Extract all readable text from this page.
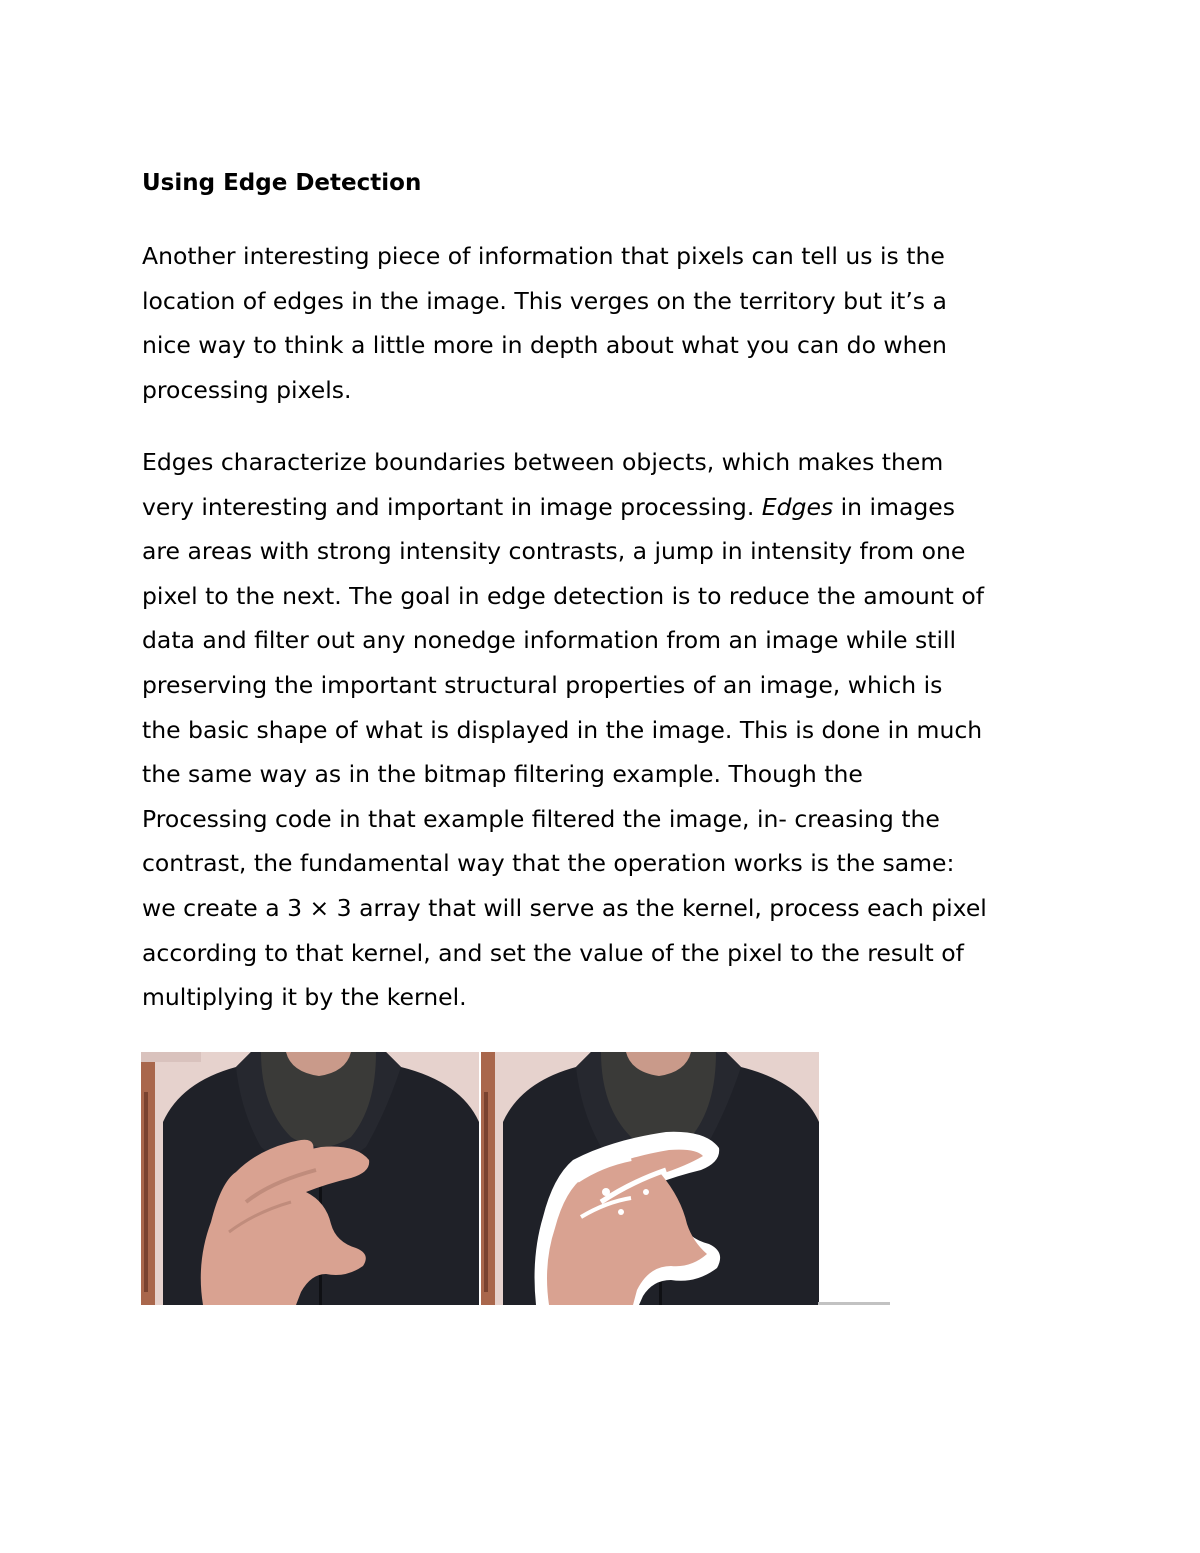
Using Edge Detection

Another interesting piece of information that pixels can tell us is the
location of edges in the image. This verges on the territory but it’s a
nice way to think a little more in depth about what you can do when
processing pixels.

Edges characterize boundaries between objects, which makes them
very interesting and important in image processing. Edges in images
are areas with strong intensity contrasts, a jump in intensity from one
pixel to the next. The goal in edge detection is to reduce the amount of
data and filter out any nonedge information from an image while still
preserving the important structural properties of an image, which is
the basic shape of what is displayed in the image. This is done in much
the same way as in the bitmap filtering example. Though the
Processing code in that example filtered the image, in- creasing the
contrast, the fundamental way that the operation works is the same:
we create a 3 × 3 array that will serve as the kernel, process each pixel
according to that kernel, and set the value of the pixel to the result of
multiplying it by the kernel.
